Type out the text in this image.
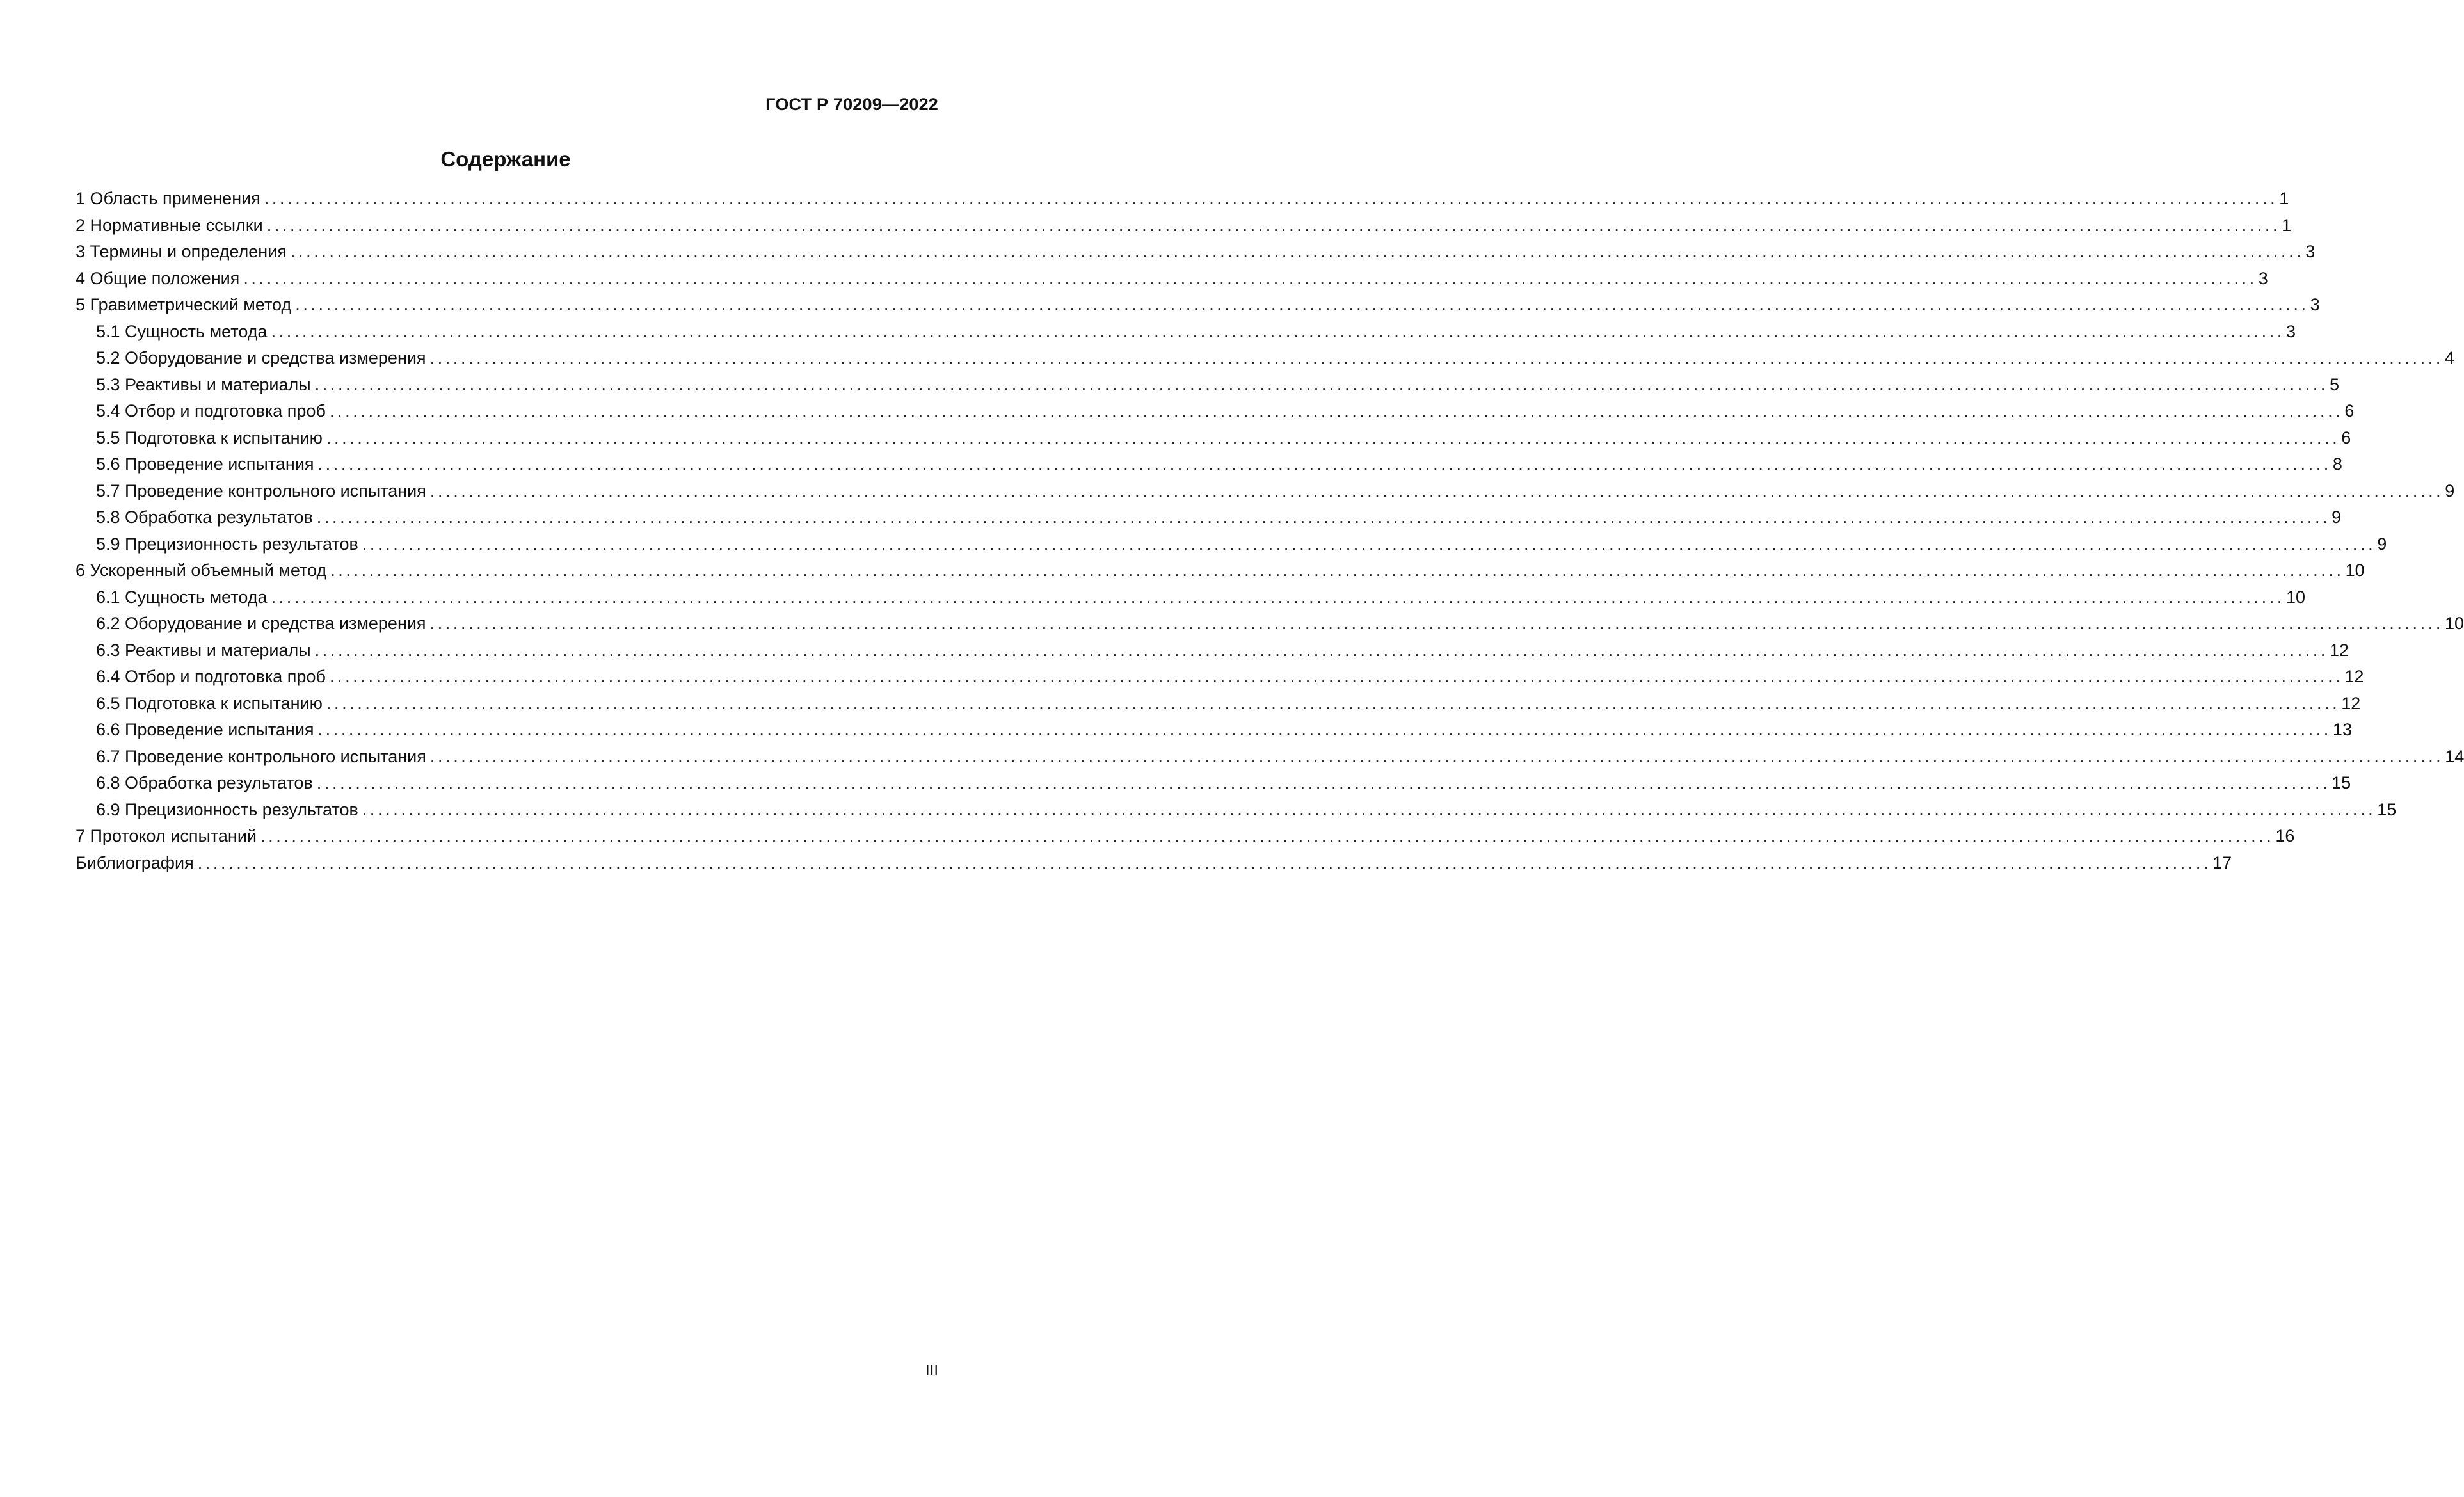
ГОСТ Р 70209—2022
Содержание
1 Область применения .................................................................................................................................................................................................................................................................... 1
2 Нормативные ссылки .................................................................................................................................................................................................................................................................... 1
3 Термины и определения .................................................................................................................................................................................................................................................................... 3
4 Общие положения .................................................................................................................................................................................................................................................................... 3
5 Гравиметрический метод .................................................................................................................................................................................................................................................................... 3
5.1 Сущность метода .................................................................................................................................................................................................................................................................... 3
5.2 Оборудование и средства измерения .................................................................................................................................................................................................................................................................... 4
5.3 Реактивы и материалы .................................................................................................................................................................................................................................................................... 5
5.4 Отбор и подготовка проб .................................................................................................................................................................................................................................................................... 6
5.5 Подготовка к испытанию .................................................................................................................................................................................................................................................................... 6
5.6 Проведение испытания .................................................................................................................................................................................................................................................................... 8
5.7 Проведение контрольного испытания .................................................................................................................................................................................................................................................................... 9
5.8 Обработка результатов .................................................................................................................................................................................................................................................................... 9
5.9 Прецизионность результатов .................................................................................................................................................................................................................................................................... 9
6 Ускоренный объемный метод .................................................................................................................................................................................................................................................................... 10
6.1 Сущность метода .................................................................................................................................................................................................................................................................... 10
6.2 Оборудование и средства измерения .................................................................................................................................................................................................................................................................... 10
6.3 Реактивы и материалы .................................................................................................................................................................................................................................................................... 12
6.4 Отбор и подготовка проб .................................................................................................................................................................................................................................................................... 12
6.5 Подготовка к испытанию .................................................................................................................................................................................................................................................................... 12
6.6 Проведение испытания .................................................................................................................................................................................................................................................................... 13
6.7 Проведение контрольного испытания .................................................................................................................................................................................................................................................................... 14
6.8 Обработка результатов .................................................................................................................................................................................................................................................................... 15
6.9 Прецизионность результатов .................................................................................................................................................................................................................................................................... 15
7 Протокол испытаний .................................................................................................................................................................................................................................................................... 16
Библиография .................................................................................................................................................................................................................................................................... 17
III
